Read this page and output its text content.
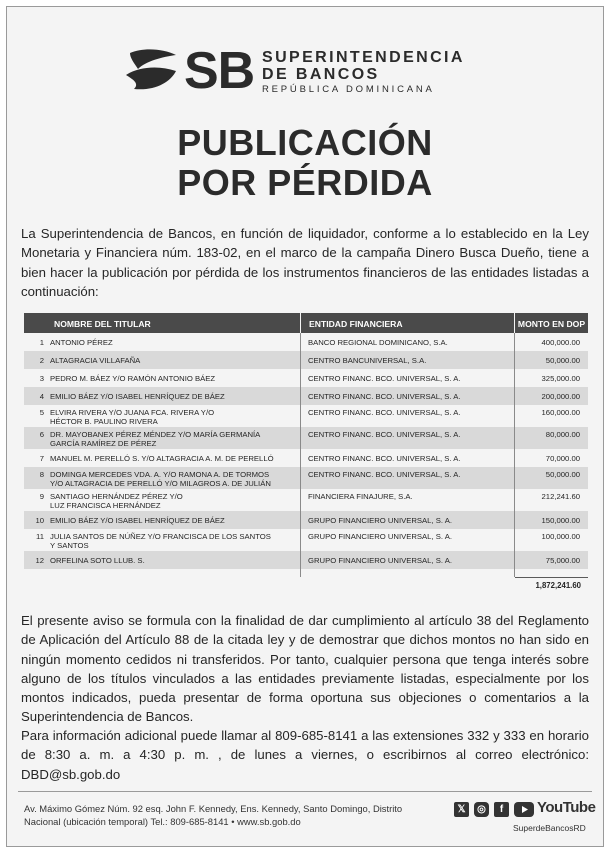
SUPERINTENDENCIA
DE BANCOS
REPÚBLICA DOMINICANA
SB
PUBLICACIÓN
POR PÉRDIDA
La Superintendencia de Bancos, en función de liquidador, conforme a lo establecido en la Ley Monetaria y Financiera núm. 183-02, en el marco de la campaña Dinero Busca Dueño, tiene a bien hacer la publicación por pérdida de los instrumentos financieros de las entidades listadas a continuación:
NOMBRE DEL TITULAR	ENTIDAD FINANCIERA	MONTO EN DOP
1 ANTONIO PÉREZ	BANCO REGIONAL DOMINICANO, S.A.	400,000.00
2 ALTAGRACIA VILLAFAÑA	CENTRO BANCUNIVERSAL, S.A.	50,000.00
3 PEDRO M. BÁEZ Y/O RAMÓN ANTONIO BÁEZ	CENTRO FINANC. BCO. UNIVERSAL, S. A.	325,000.00
4 EMILIO BÁEZ Y/O ISABEL HENRÍQUEZ DE BÁEZ	CENTRO FINANC. BCO. UNIVERSAL, S. A.	200,000.00
5 ELVIRA RIVERA Y/O JUANA FCA. RIVERA Y/O
HÉCTOR B. PAULINO RIVERA
CENTRO FINANC. BCO. UNIVERSAL, S. A.	160,000.00
6 DR. MAYOBANEX PÉREZ MÉNDEZ Y/O MARÍA GERMANÍA
GARCÍA RAMÍREZ DE PÉREZ
CENTRO FINANC. BCO. UNIVERSAL, S. A.	80,000.00
7 MANUEL M. PERELLÓ S. Y/O ALTAGRACIA A. M. DE PERELLÓ	CENTRO FINANC. BCO. UNIVERSAL, S. A.	70,000.00
8 DOMINGA MERCEDES VDA. A. Y/O RAMONA A. DE TORMOS
Y/O ALTAGRACIA DE PERELLÓ Y/O MILAGROS A. DE JULIÁN
CENTRO FINANC. BCO. UNIVERSAL, S. A.	50,000.00
9 SANTIAGO HERNÁNDEZ PÉREZ Y/O
LUZ FRANCISCA HERNÁNDEZ
FINANCIERA FINAJURE, S.A.	212,241.60
10 EMILIO BÁEZ Y/O ISABEL HENRÍQUEZ DE BÁEZ	GRUPO FINANCIERO UNIVERSAL, S. A.	150,000.00
11 JULIA SANTOS DE NÚÑEZ Y/O FRANCISCA DE LOS SANTOS
Y SANTOS
GRUPO FINANCIERO UNIVERSAL, S. A.	100,000.00
12 ORFELINA SOTO LLUB. S.	GRUPO FINANCIERO UNIVERSAL, S. A.	75,000.00
1,872,241.60
El presente aviso se formula con la finalidad de dar cumplimiento al artículo 38 del Reglamento de Aplicación del Artículo 88 de la citada ley y de demostrar que dichos montos no han sido en ningún momento cedidos ni transferidos. Por tanto, cualquier persona que tenga interés sobre alguno de los títulos vinculados a las entidades previamente listadas, especialmente por los montos indicados, pueda presentar de forma oportuna sus objeciones o comentarios a la Superintendencia de Bancos.
Para información adicional puede llamar al 809-685-8141 a las extensiones 332 y 333 en horario de 8:30 a. m. a 4:30 p. m. , de lunes a viernes, o escribirnos al correo electrónico: DBD@sb.gob.do
Av. Máximo Gómez Núm. 92 esq. John F. Kennedy, Ens. Kennedy, Santo Domingo, Distrito
Nacional (ubicación temporal) Tel.: 809-685-8141 • www.sb.gob.do
𝕏	◎	f	YouTube
SuperdeBancosRD
